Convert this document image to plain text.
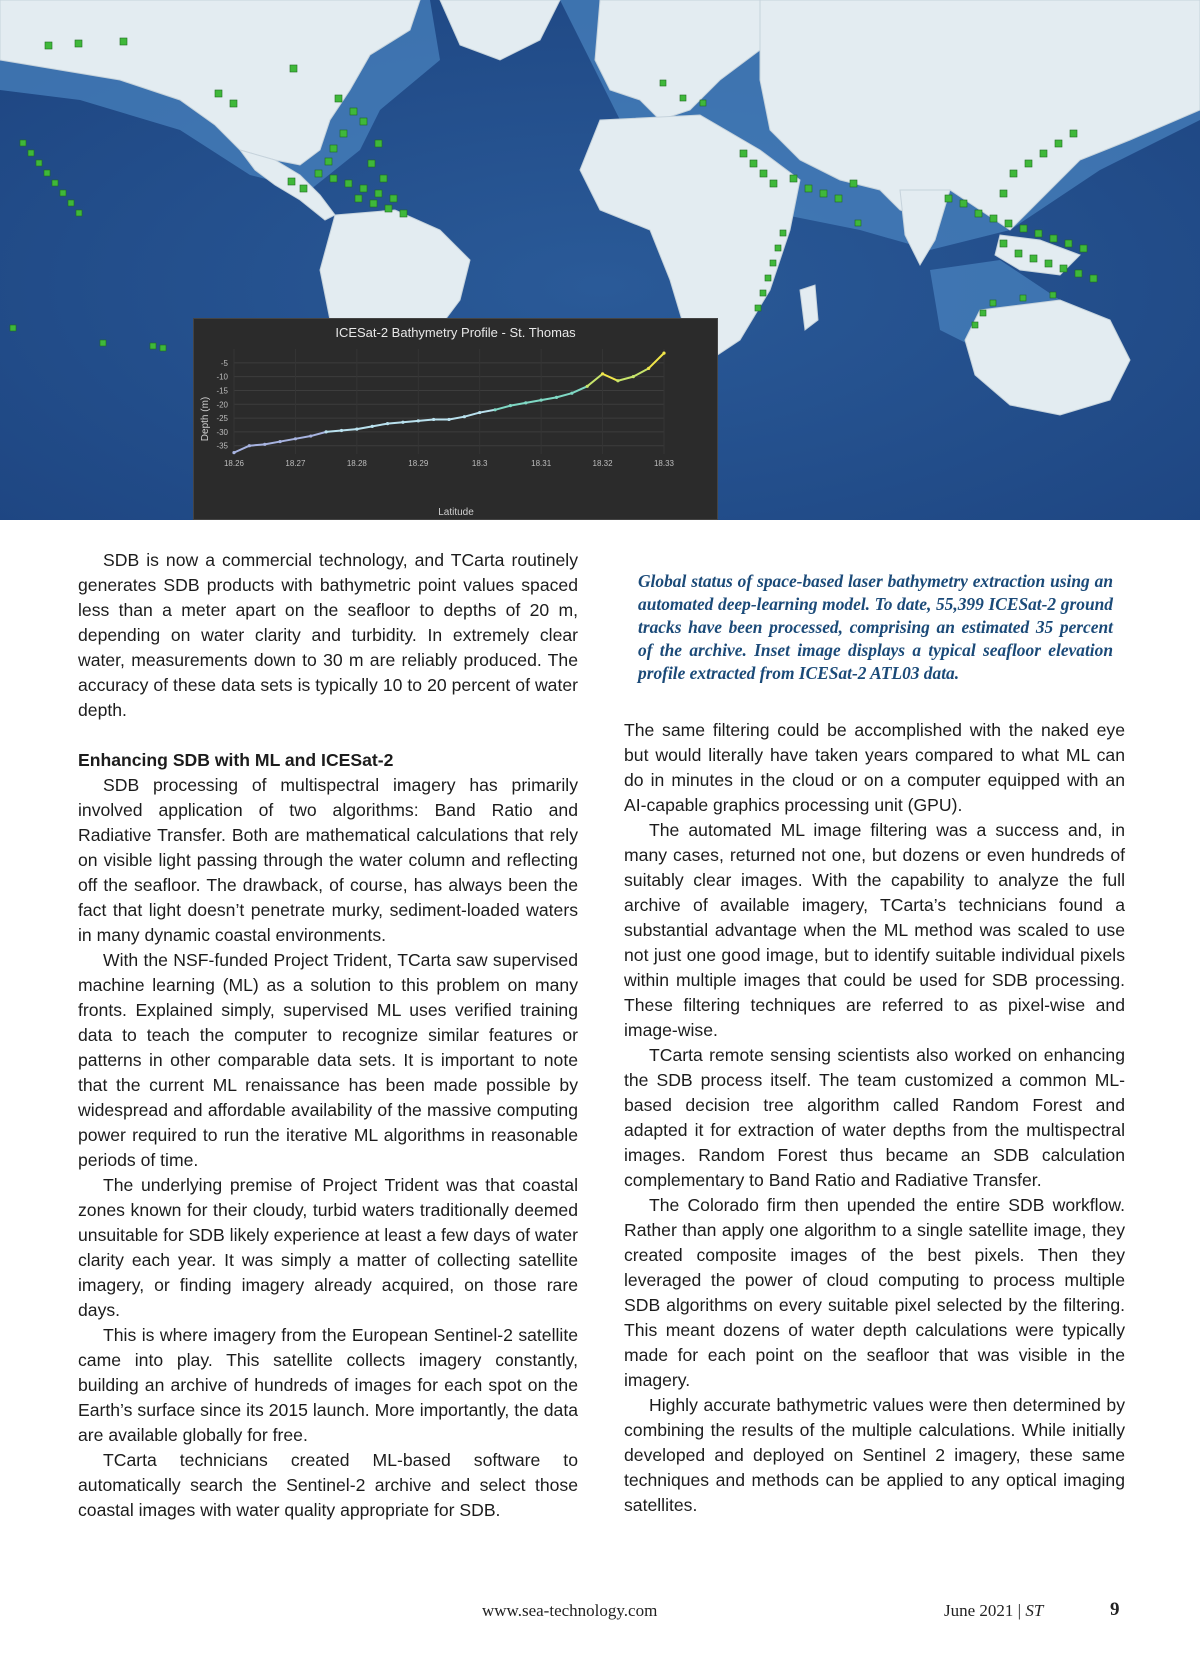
ICESat-2 Bathymetry Profile - St. Thomas
-5
-10
-15
-20
-25
-30
-35
18.26	18.27	18.28	18.29	18.3	18.31	18.32	18.33
Depth (m)
Latitude

SDB is now a commercial technology, and TCarta routinely generates SDB products with bathymetric point values spaced less than a meter apart on the seafloor to depths of 20 m, depending on water clarity and turbidity. In extremely clear water, measurements down to 30 m are reliably produced. The accuracy of these data sets is typically 10 to 20 percent of water depth.

Enhancing SDB with ML and ICESat-2

SDB processing of multispectral imagery has primarily involved application of two algorithms: Band Ratio and Radiative Transfer. Both are mathematical calculations that rely on visible light passing through the water column and reflecting off the seafloor. The drawback, of course, has always been the fact that light doesn’t penetrate murky, sediment-loaded waters in many dynamic coastal environments.

With the NSF-funded Project Trident, TCarta saw supervised machine learning (ML) as a solution to this problem on many fronts. Explained simply, supervised ML uses verified training data to teach the computer to recognize similar features or patterns in other comparable data sets. It is important to note that the current ML renaissance has been made possible by widespread and affordable availability of the massive computing power required to run the iterative ML algorithms in reasonable periods of time.

The underlying premise of Project Trident was that coastal zones known for their cloudy, turbid waters traditionally deemed unsuitable for SDB likely experience at least a few days of water clarity each year. It was simply a matter of collecting satellite imagery, or finding imagery already acquired, on those rare days.

This is where imagery from the European Sentinel-2 satellite came into play. This satellite collects imagery constantly, building an archive of hundreds of images for each spot on the Earth’s surface since its 2015 launch. More importantly, the data are available globally for free.

TCarta technicians created ML-based software to automatically search the Sentinel-2 archive and select those coastal images with water quality appropriate for SDB.

Global status of space-based laser bathymetry extraction using an automated deep-learning model. To date, 55,399 ICESat-2 ground tracks have been processed, comprising an estimated 35 percent of the archive. Inset image displays a typical seafloor elevation profile extracted from ICESat-2 ATL03 data.

The same filtering could be accomplished with the naked eye but would literally have taken years compared to what ML can do in minutes in the cloud or on a computer equipped with an AI-capable graphics processing unit (GPU).

The automated ML image filtering was a success and, in many cases, returned not one, but dozens or even hundreds of suitably clear images. With the capability to analyze the full archive of available imagery, TCarta’s technicians found a substantial advantage when the ML method was scaled to use not just one good image, but to identify suitable individual pixels within multiple images that could be used for SDB processing. These filtering techniques are referred to as pixel-wise and image-wise.

TCarta remote sensing scientists also worked on enhancing the SDB process itself. The team customized a common ML-based decision tree algorithm called Random Forest and adapted it for extraction of water depths from the multispectral images. Random Forest thus became an SDB calculation complementary to Band Ratio and Radiative Transfer.

The Colorado firm then upended the entire SDB workflow. Rather than apply one algorithm to a single satellite image, they created composite images of the best pixels. Then they leveraged the power of cloud computing to process multiple SDB algorithms on every suitable pixel selected by the filtering. This meant dozens of water depth calculations were typically made for each point on the seafloor that was visible in the imagery.

Highly accurate bathymetric values were then determined by combining the results of the multiple calculations. While initially developed and deployed on Sentinel 2 imagery, these same techniques and methods can be applied to any optical imaging satellites.

www.sea-technology.com	June 2021 | ST	9
